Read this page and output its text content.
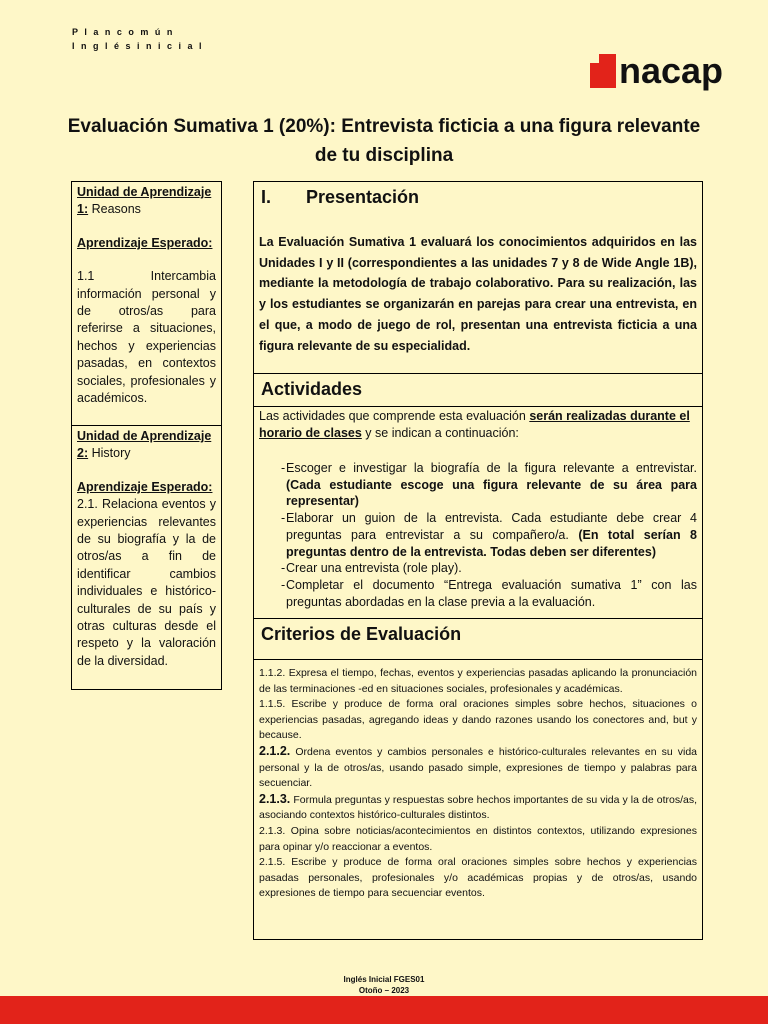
P l a n c o m ú n
I n g l é s i n i c i a l
nacap
Evaluación Sumativa 1 (20%): Entrevista ficticia a una figura relevante de tu disciplina
Unidad de Aprendizaje 1: Reasons
Aprendizaje Esperado:
1.1 Intercambia información personal y de otros/as para referirse a situaciones, hechos y experiencias pasadas, en contextos sociales, profesionales y académicos.
Unidad de Aprendizaje 2: History
Aprendizaje Esperado:
2.1. Relaciona eventos y experiencias relevantes de su biografía y la de otros/as a fin de identificar cambios individuales e histórico-culturales de su país y otras culturas desde el respeto y la valoración de la diversidad.
I. Presentación
La Evaluación Sumativa 1 evaluará los conocimientos adquiridos en las Unidades I y II (correspondientes a las unidades 7 y 8 de Wide Angle 1B), mediante la metodología de trabajo colaborativo. Para su realización, las y los estudiantes se organizarán en parejas para crear una entrevista, en el que, a modo de juego de rol, presentan una entrevista ficticia a una figura relevante de su especialidad.
Actividades
Las actividades que comprende esta evaluación serán realizadas durante el horario de clases y se indican a continuación:
- Escoger e investigar la biografía de la figura relevante a entrevistar. (Cada estudiante escoge una figura relevante de su área para representar)
- Elaborar un guion de la entrevista. Cada estudiante debe crear 4 preguntas para entrevistar a su compañero/a. (En total serían 8 preguntas dentro de la entrevista. Todas deben ser diferentes)
- Crear una entrevista (role play).
- Completar el documento “Entrega evaluación sumativa 1” con las preguntas abordadas en la clase previa a la evaluación.
Criterios de Evaluación
1.1.2. Expresa el tiempo, fechas, eventos y experiencias pasadas aplicando la pronunciación de las terminaciones -ed en situaciones sociales, profesionales y académicas.
1.1.5. Escribe y produce de forma oral oraciones simples sobre hechos, situaciones o experiencias pasadas, agregando ideas y dando razones usando los conectores and, but y because.
2.1.2. Ordena eventos y cambios personales e histórico-culturales relevantes en su vida personal y la de otros/as, usando pasado simple, expresiones de tiempo y palabras para secuenciar.
2.1.3. Formula preguntas y respuestas sobre hechos importantes de su vida y la de otros/as, asociando contextos histórico-culturales distintos.
2.1.3. Opina sobre noticias/acontecimientos en distintos contextos, utilizando expresiones para opinar y/o reaccionar a eventos.
2.1.5. Escribe y produce de forma oral oraciones simples sobre hechos y experiencias pasadas personales, profesionales y/o académicas propias y de otros/as, usando expresiones de tiempo para secuenciar eventos.
Inglés Inicial FGES01
Otoño – 2023
